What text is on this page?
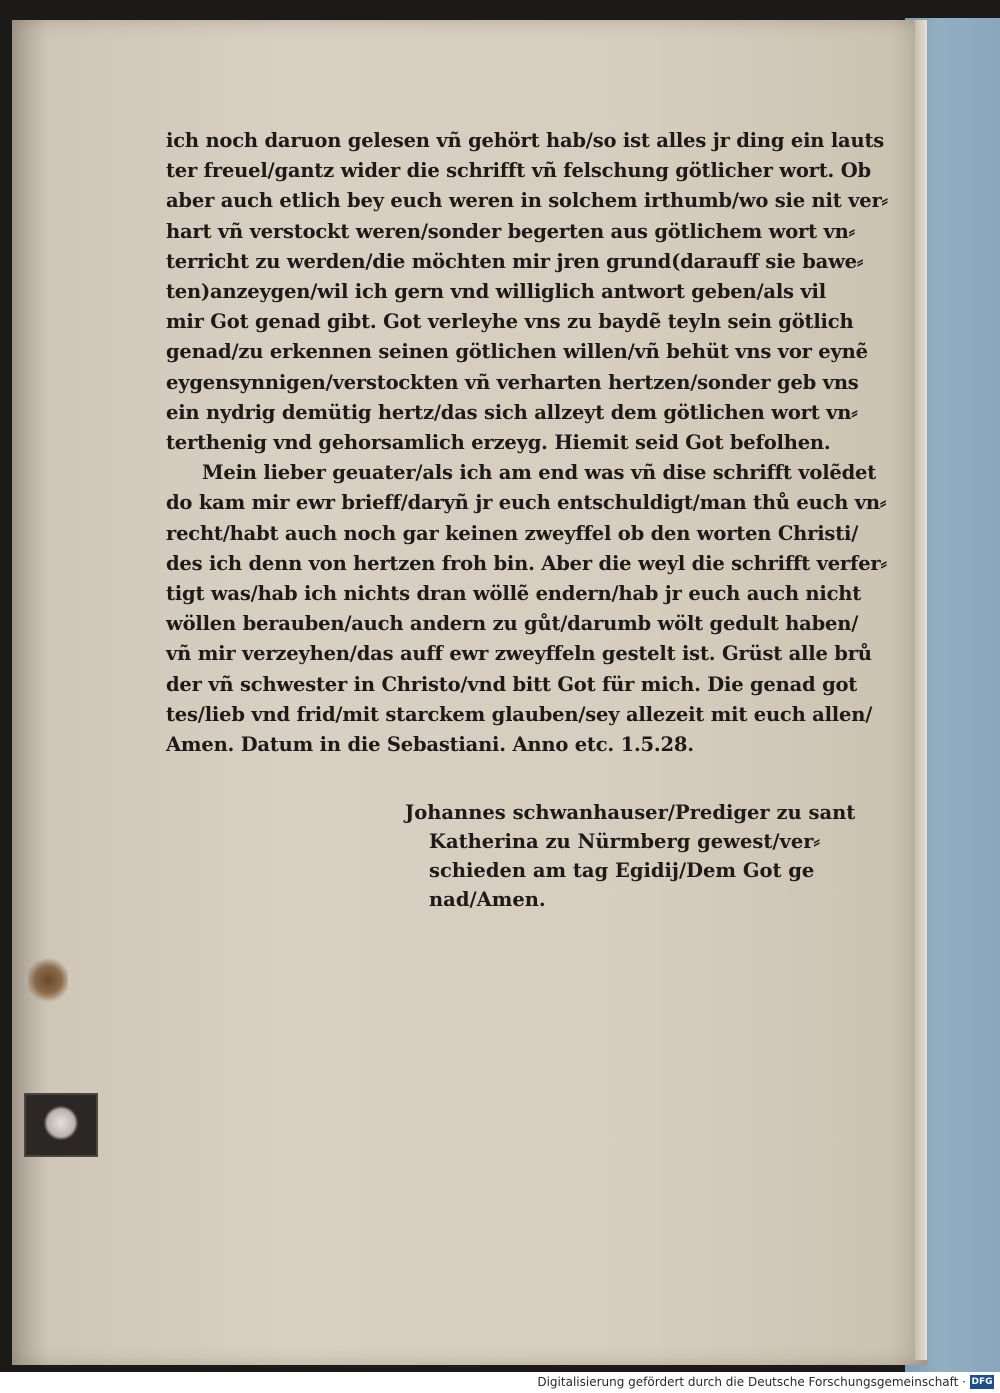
ich noch daruon gelesen vñ gehört hab/so ist alles jr ding ein lauts

ter freuel/gantz wider die schrifft vñ felschung götlicher wort. Ob

aber auch etlich bey euch weren in solchem irthumb/wo sie nit ver⸗

hart vñ verstockt weren/sonder begerten aus götlichem wort vn⸗

terricht zu werden/die möchten mir jren grund(darauff sie bawe⸗

ten)anzeygen/wil ich gern vnd williglich antwort geben/als vil

mir Got genad gibt. Got verleyhe vns zu baydẽ teyln sein götlich

genad/zu erkennen seinen götlichen willen/vñ behüt vns vor eynẽ

eygensynnigen/verstockten vñ verharten hertzen/sonder geb vns

ein nydrig demütig hertz/das sich allzeyt dem götlichen wort vn⸗

terthenig vnd gehorsamlich erzeyg. Hiemit seid Got befolhen.

Mein lieber geuater/als ich am end was vñ dise schrifft volẽdet

do kam mir ewr brieff/daryñ jr euch entschuldigt/man thů euch vn⸗

recht/habt auch noch gar keinen zweyffel ob den worten Christi/

des ich denn von hertzen froh bin. Aber die weyl die schrifft verfer⸗

tigt was/hab ich nichts dran wöllẽ endern/hab jr euch auch nicht

wöllen berauben/auch andern zu gůt/darumb wölt gedult haben/

vñ mir verzeyhen/das auff ewr zweyffeln gestelt ist. Grüst alle brů

der vñ schwester in Christo/vnd bitt Got für mich. Die genad got

tes/lieb vnd frid/mit starckem glauben/sey allezeit mit euch allen/

Amen. Datum in die Sebastiani. Anno etc. 1.5.28.

Johannes schwanhauser/Prediger zu sant

Katherina zu Nürmberg gewest/ver⸗

schieden am tag Egidij/Dem Got ge

nad/Amen.

Digitalisierung gefördert durch die Deutsche Forschungsgemeinschaft · DFG
